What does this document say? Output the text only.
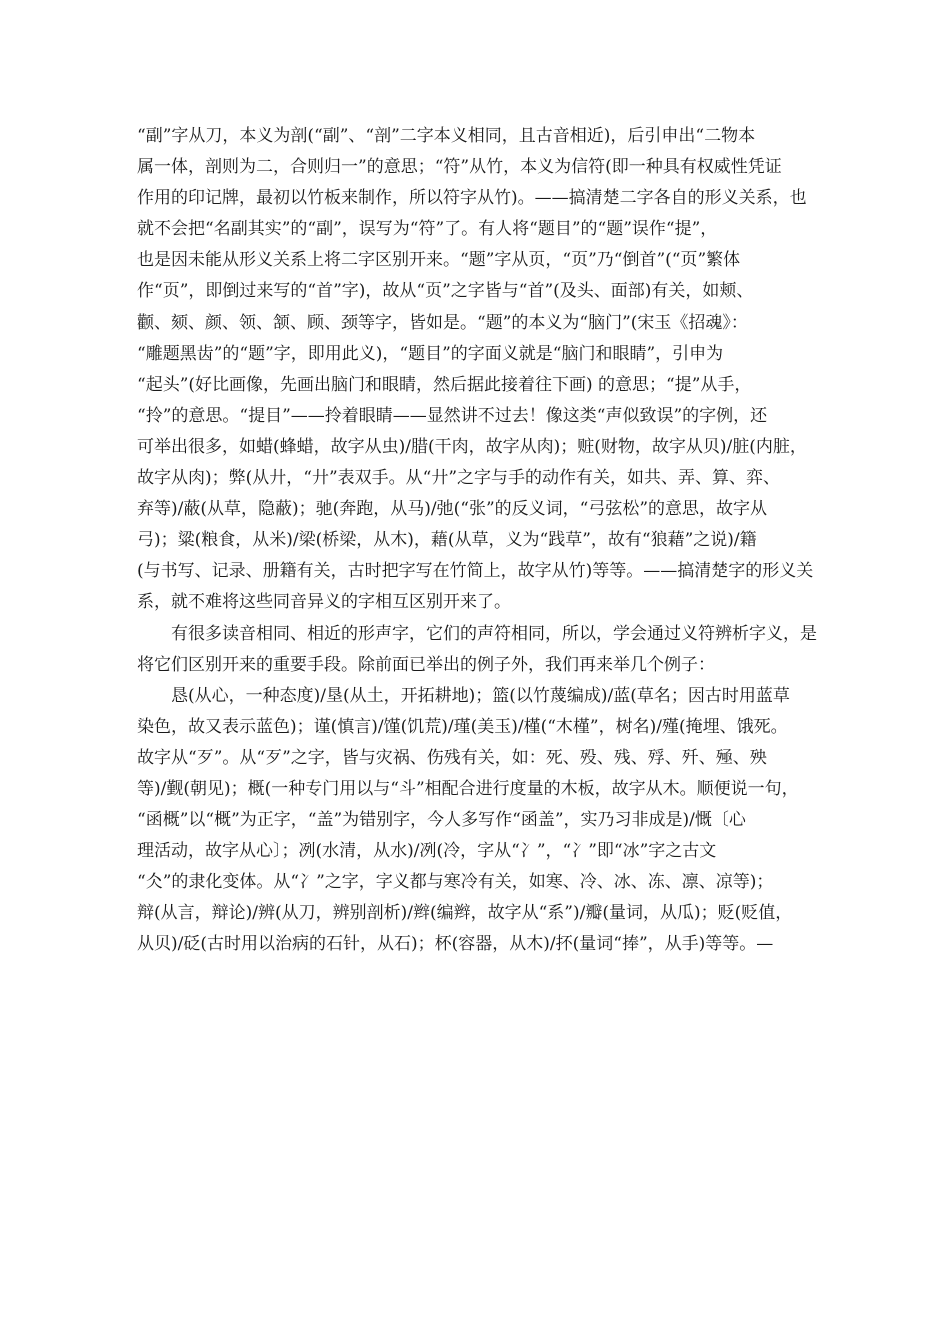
“副”字从刀，本义为剖(“副”、“剖”二字本义相同，且古音相近)，后引申出“二物本
属一体，剖则为二，合则归一”的意思；“符”从竹，本义为信符(即一种具有权威性凭证
作用的印记牌，最初以竹板来制作，所以符字从竹)。——搞清楚二字各自的形义关系，也
就不会把“名副其实”的“副”，误写为“符”了。有人将“题目”的“题”误作“提”，
也是因未能从形义关系上将二字区别开来。“题”字从页，“页”乃“倒首”(“页”繁体
作“页”，即倒过来写的“首”字)，故从“页”之字皆与“首”(及头、面部)有关，如颊、
颧、颏、颜、领、颔、顾、颈等字，皆如是。“题”的本义为“脑门”(宋玉《招魂》：
“雕题黑齿”的“题”字，即用此义)，“题目”的字面义就是“脑门和眼睛”，引申为
“起头”(好比画像，先画出脑门和眼睛，然后据此接着往下画) 的意思；“提”从手，
“拎”的意思。“提目”——拎着眼睛——显然讲不过去！像这类“声似致误”的字例，还
可举出很多，如蜡(蜂蜡，故字从虫)/腊(干肉，故字从肉)；赃(财物，故字从贝)/脏(内脏，
故字从肉)；弊(从廾，“廾”表双手。从“廾”之字与手的动作有关，如共、弄、算、弈、
弃等)/蔽(从草，隐蔽)；驰(奔跑，从马)/弛(“张”的反义词，“弓弦松”的意思，故字从
弓)；粱(粮食，从米)/梁(桥梁，从木)，藉(从草，义为“践草”，故有“狼藉”之说)/籍
(与书写、记录、册籍有关，古时把字写在竹简上，故字从竹)等等。——搞清楚字的形义关
系，就不难将这些同音异义的字相互区别开来了。
有很多读音相同、相近的形声字，它们的声符相同，所以，学会通过义符辨析字义，是
将它们区别开来的重要手段。除前面已举出的例子外，我们再来举几个例子：
恳(从心，一种态度)/垦(从土，开拓耕地)；篮(以竹蔑编成)/蓝(草名；因古时用蓝草
染色，故又表示蓝色)；谨(慎言)/馑(饥荒)/瑾(美玉)/槿(“木槿”，树名)/殣(掩埋、饿死。
故字从“歹”。从“歹”之字，皆与灾祸、伤残有关，如：死、殁、残、殍、歼、殛、殃
等)/觐(朝见)；概(一种专门用以与“斗”相配合进行度量的木板，故字从木。顺便说一句，
“函概”以“概”为正字，“盖”为错别字，今人多写作“函盖”，实乃习非成是)/慨〔心
理活动，故字从心〕；冽(水清，从水)/冽(冷，字从“冫”，“冫”即“冰”字之古文
“仌”的隶化变体。从“冫”之字，字义都与寒冷有关，如寒、冷、冰、冻、凛、凉等)；
辩(从言，辩论)/辨(从刀，辨别剖析)/辫(编辫，故字从“系”)/瓣(量词，从瓜)；贬(贬值，
从贝)/砭(古时用以治病的石针，从石)；杯(容器，从木)/抔(量词“捧”，从手)等等。—
